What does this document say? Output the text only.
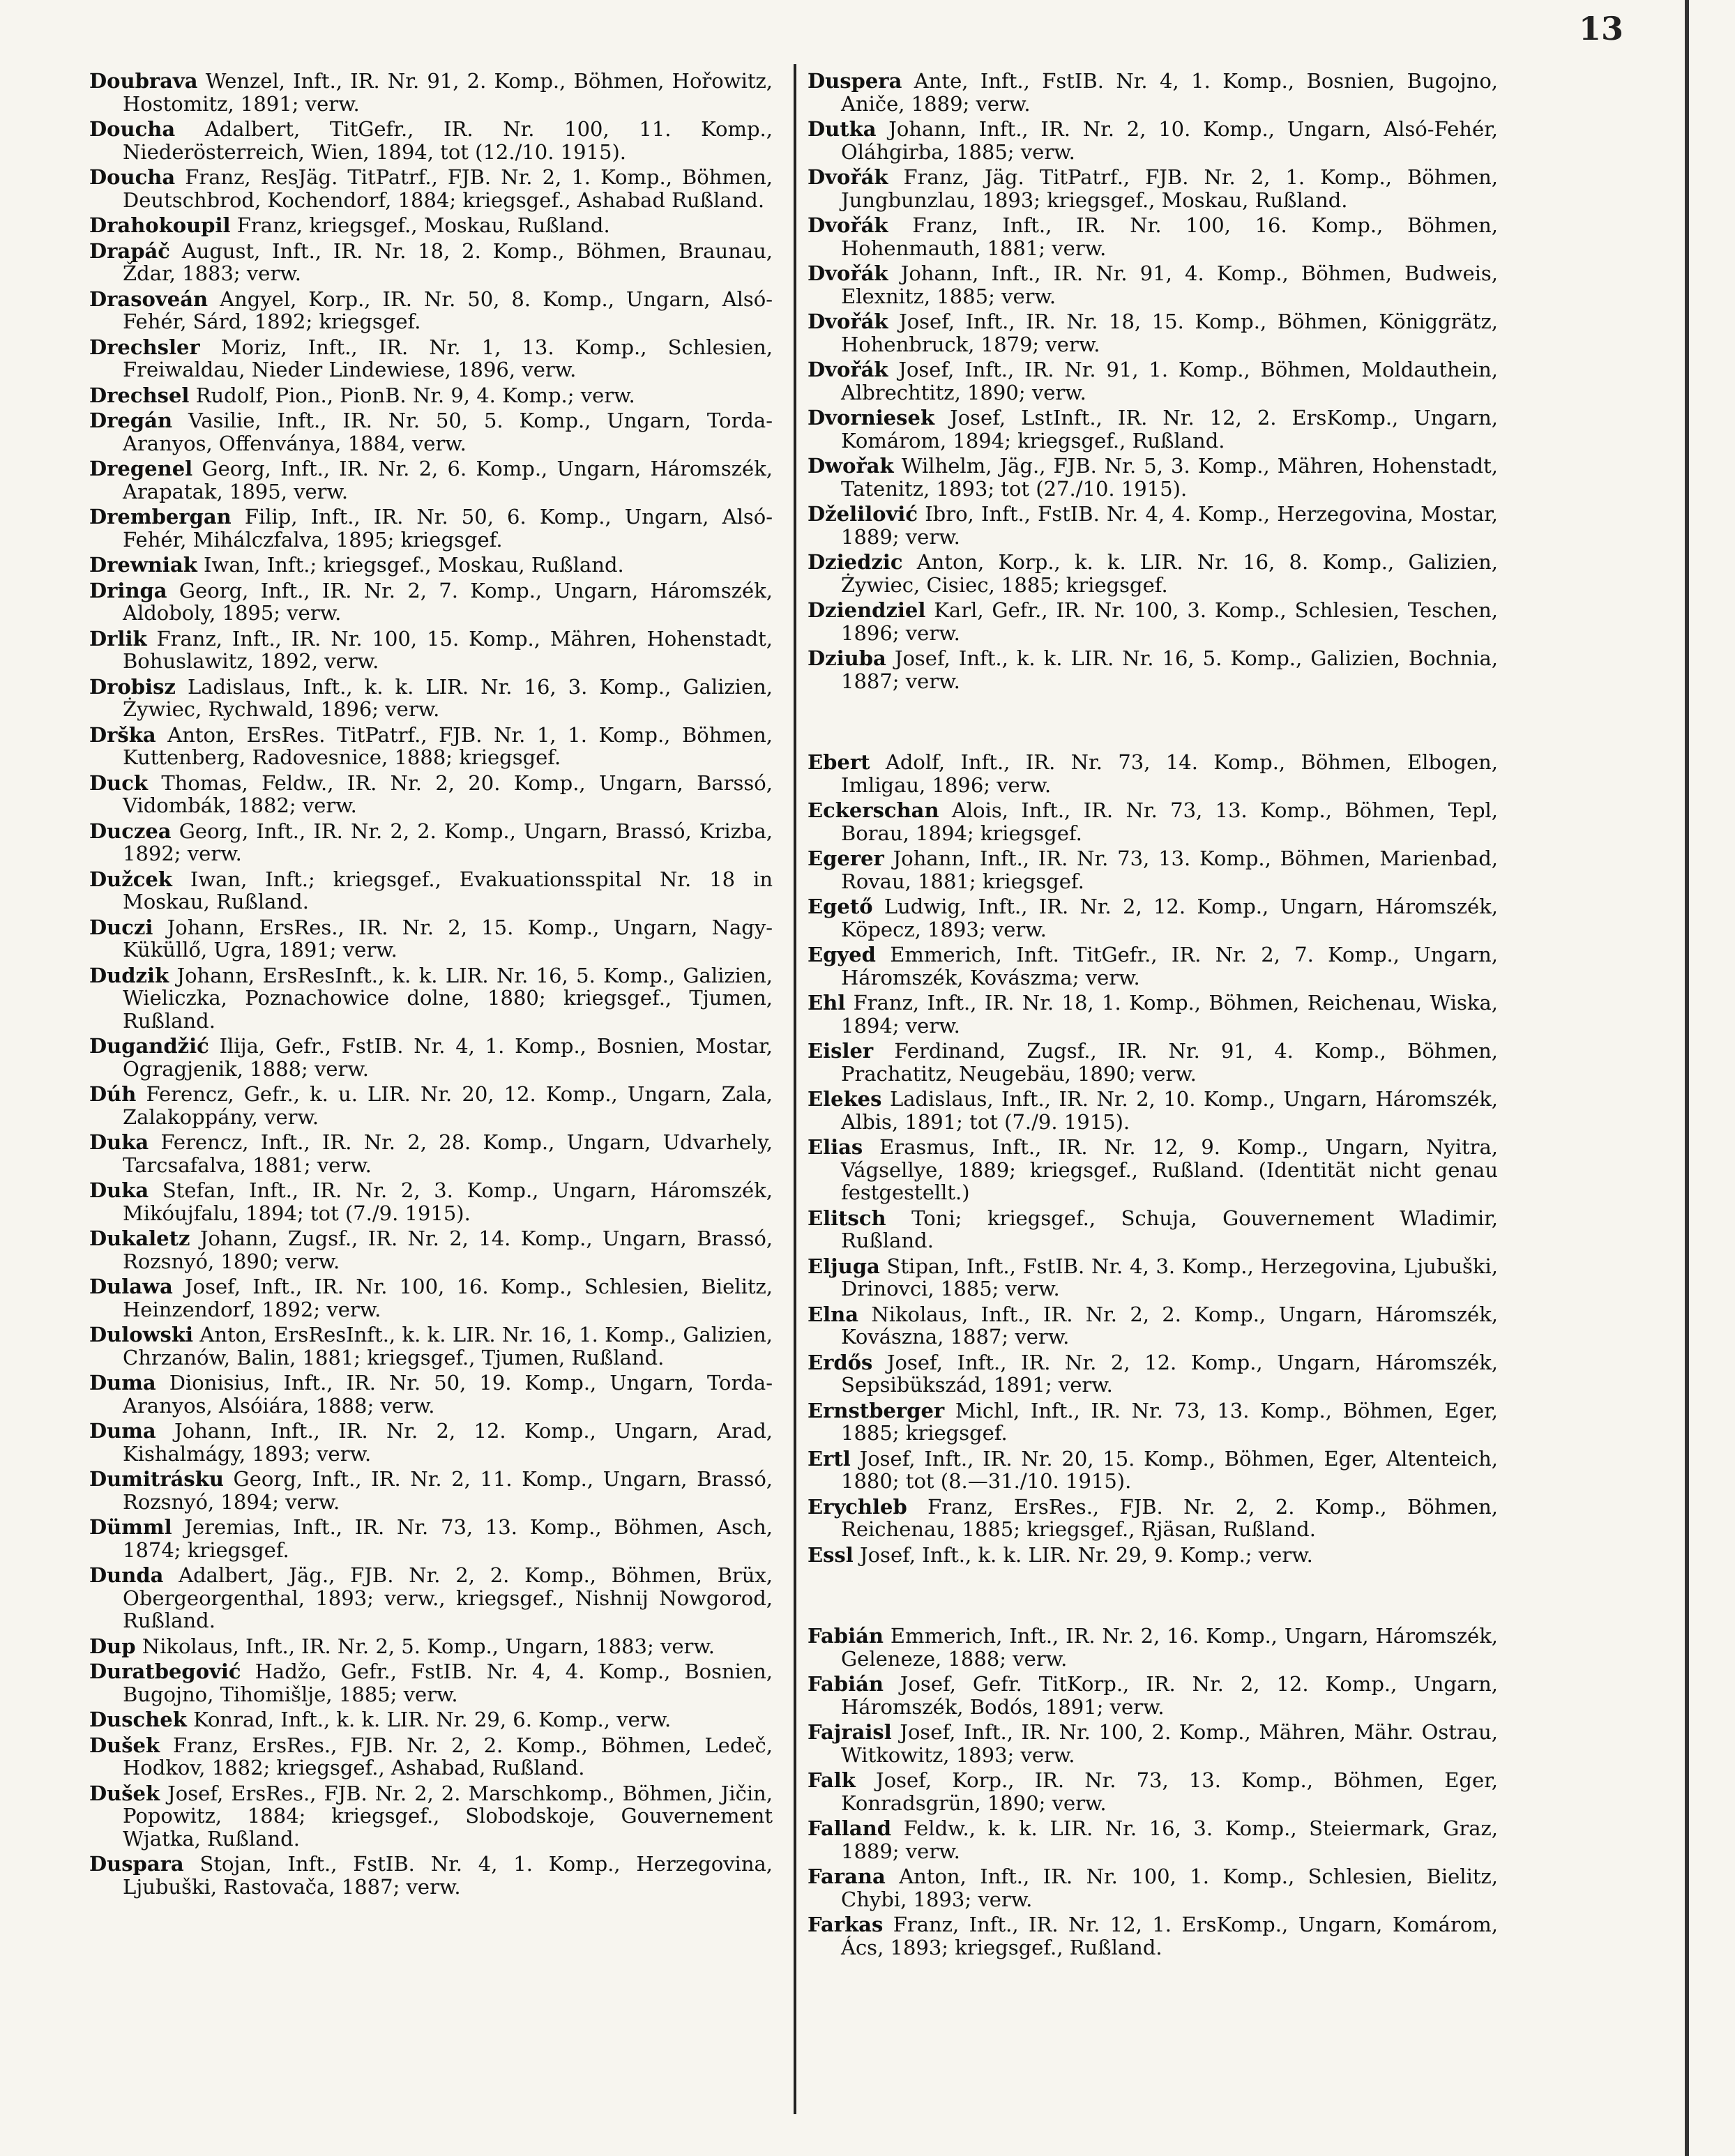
13
Doubrava Wenzel, Inft., IR. Nr. 91, 2. Komp., Böhmen, Hořowitz, Hostomitz, 1891; verw.
Doucha Adalbert, TitGefr., IR. Nr. 100, 11. Komp., Niederösterreich, Wien, 1894, tot (12./10. 1915).
Doucha Franz, ResJäg. TitPatrf., FJB. Nr. 2, 1. Komp., Böhmen, Deutschbrod, Kochendorf, 1884; kriegsgef., Ashabad Rußland.
Drahokoupil Franz, kriegsgef., Moskau, Rußland.
Drapáč August, Inft., IR. Nr. 18, 2. Komp., Böhmen, Braunau, Ždar, 1883; verw.
Drasoveán Angyel, Korp., IR. Nr. 50, 8. Komp., Ungarn, Alsó-Fehér, Sárd, 1892; kriegsgef.
Drechsler Moriz, Inft., IR. Nr. 1, 13. Komp., Schlesien, Freiwaldau, Nieder Lindewiese, 1896, verw.
Drechsel Rudolf, Pion., PionB. Nr. 9, 4. Komp.; verw.
Dregán Vasilie, Inft., IR. Nr. 50, 5. Komp., Ungarn, Torda-Aranyos, Offenványa, 1884, verw.
Dregenel Georg, Inft., IR. Nr. 2, 6. Komp., Ungarn, Háromszék, Arapatak, 1895, verw.
Drembergan Filip, Inft., IR. Nr. 50, 6. Komp., Ungarn, Alsó-Fehér, Mihálczfalva, 1895; kriegsgef.
Drewniak Iwan, Inft.; kriegsgef., Moskau, Rußland.
Dringa Georg, Inft., IR. Nr. 2, 7. Komp., Ungarn, Háromszék, Aldoboly, 1895; verw.
Drlik Franz, Inft., IR. Nr. 100, 15. Komp., Mähren, Hohenstadt, Bohuslawitz, 1892, verw.
Drobisz Ladislaus, Inft., k. k. LIR. Nr. 16, 3. Komp., Galizien, Żywiec, Rychwald, 1896; verw.
Drška Anton, ErsRes. TitPatrf., FJB. Nr. 1, 1. Komp., Böhmen, Kuttenberg, Radovesnice, 1888; kriegsgef.
Duck Thomas, Feldw., IR. Nr. 2, 20. Komp., Ungarn, Barssó, Vidombák, 1882; verw.
Duczea Georg, Inft., IR. Nr. 2, 2. Komp., Ungarn, Brassó, Krizba, 1892; verw.
Dužcek Iwan, Inft.; kriegsgef., Evakuationsspital Nr. 18 in Moskau, Rußland.
Duczi Johann, ErsRes., IR. Nr. 2, 15. Komp., Ungarn, Nagy-Küküllő, Ugra, 1891; verw.
Dudzik Johann, ErsResInft., k. k. LIR. Nr. 16, 5. Komp., Galizien, Wieliczka, Poznachowice dolne, 1880; kriegsgef., Tjumen, Rußland.
Dugandžić Ilija, Gefr., FstIB. Nr. 4, 1. Komp., Bosnien, Mostar, Ogragjenik, 1888; verw.
Dúh Ferencz, Gefr., k. u. LIR. Nr. 20, 12. Komp., Ungarn, Zala, Zalakoppány, verw.
Duka Ferencz, Inft., IR. Nr. 2, 28. Komp., Ungarn, Udvarhely, Tarcsafalva, 1881; verw.
Duka Stefan, Inft., IR. Nr. 2, 3. Komp., Ungarn, Háromszék, Mikóujfalu, 1894; tot (7./9. 1915).
Dukaletz Johann, Zugsf., IR. Nr. 2, 14. Komp., Ungarn, Brassó, Rozsnyó, 1890; verw.
Dulawa Josef, Inft., IR. Nr. 100, 16. Komp., Schlesien, Bielitz, Heinzendorf, 1892; verw.
Dulowski Anton, ErsResInft., k. k. LIR. Nr. 16, 1. Komp., Galizien, Chrzanów, Balin, 1881; kriegsgef., Tjumen, Rußland.
Duma Dionisius, Inft., IR. Nr. 50, 19. Komp., Ungarn, Torda-Aranyos, Alsóiára, 1888; verw.
Duma Johann, Inft., IR. Nr. 2, 12. Komp., Ungarn, Arad, Kishalmágy, 1893; verw.
Dumitrásku Georg, Inft., IR. Nr. 2, 11. Komp., Ungarn, Brassó, Rozsnyó, 1894; verw.
Dümml Jeremias, Inft., IR. Nr. 73, 13. Komp., Böhmen, Asch, 1874; kriegsgef.
Dunda Adalbert, Jäg., FJB. Nr. 2, 2. Komp., Böhmen, Brüx, Obergeorgenthal, 1893; verw., kriegsgef., Nishnij Nowgorod, Rußland.
Dup Nikolaus, Inft., IR. Nr. 2, 5. Komp., Ungarn, 1883; verw.
Duratbegović Hadžo, Gefr., FstIB. Nr. 4, 4. Komp., Bosnien, Bugojno, Tihomišlje, 1885; verw.
Duschek Konrad, Inft., k. k. LIR. Nr. 29, 6. Komp., verw.
Dušek Franz, ErsRes., FJB. Nr. 2, 2. Komp., Böhmen, Ledeč, Hodkov, 1882; kriegsgef., Ashabad, Rußland.
Dušek Josef, ErsRes., FJB. Nr. 2, 2. Marschkomp., Böhmen, Jičin, Popowitz, 1884; kriegsgef., Slobodskoje, Gouvernement Wjatka, Rußland.
Duspara Stojan, Inft., FstIB. Nr. 4, 1. Komp., Herzegovina, Ljubuški, Rastovača, 1887; verw.
Duspera Ante, Inft., FstIB. Nr. 4, 1. Komp., Bosnien, Bugojno, Aniče, 1889; verw.
Dutka Johann, Inft., IR. Nr. 2, 10. Komp., Ungarn, Alsó-Fehér, Oláhgirba, 1885; verw.
Dvořák Franz, Jäg. TitPatrf., FJB. Nr. 2, 1. Komp., Böhmen, Jungbunzlau, 1893; kriegsgef., Moskau, Rußland.
Dvořák Franz, Inft., IR. Nr. 100, 16. Komp., Böhmen, Hohenmauth, 1881; verw.
Dvořák Johann, Inft., IR. Nr. 91, 4. Komp., Böhmen, Budweis, Elexnitz, 1885; verw.
Dvořák Josef, Inft., IR. Nr. 18, 15. Komp., Böhmen, Königgrätz, Hohenbruck, 1879; verw.
Dvořák Josef, Inft., IR. Nr. 91, 1. Komp., Böhmen, Moldauthein, Albrechtitz, 1890; verw.
Dvorniesek Josef, LstInft., IR. Nr. 12, 2. ErsKomp., Ungarn, Komárom, 1894; kriegsgef., Rußland.
Dwořak Wilhelm, Jäg., FJB. Nr. 5, 3. Komp., Mähren, Hohenstadt, Tatenitz, 1893; tot (27./10. 1915).
Dželilović Ibro, Inft., FstIB. Nr. 4, 4. Komp., Herzegovina, Mostar, 1889; verw.
Dziedzic Anton, Korp., k. k. LIR. Nr. 16, 8. Komp., Galizien, Żywiec, Cisiec, 1885; kriegsgef.
Dziendziel Karl, Gefr., IR. Nr. 100, 3. Komp., Schlesien, Teschen, 1896; verw.
Dziuba Josef, Inft., k. k. LIR. Nr. 16, 5. Komp., Galizien, Bochnia, 1887; verw.
Ebert Adolf, Inft., IR. Nr. 73, 14. Komp., Böhmen, Elbogen, Imligau, 1896; verw.
Eckerschan Alois, Inft., IR. Nr. 73, 13. Komp., Böhmen, Tepl, Borau, 1894; kriegsgef.
Egerer Johann, Inft., IR. Nr. 73, 13. Komp., Böhmen, Marienbad, Rovau, 1881; kriegsgef.
Egető Ludwig, Inft., IR. Nr. 2, 12. Komp., Ungarn, Háromszék, Köpecz, 1893; verw.
Egyed Emmerich, Inft. TitGefr., IR. Nr. 2, 7. Komp., Ungarn, Háromszék, Kovászma; verw.
Ehl Franz, Inft., IR. Nr. 18, 1. Komp., Böhmen, Reichenau, Wiska, 1894; verw.
Eisler Ferdinand, Zugsf., IR. Nr. 91, 4. Komp., Böhmen, Prachatitz, Neugebäu, 1890; verw.
Elekes Ladislaus, Inft., IR. Nr. 2, 10. Komp., Ungarn, Háromszék, Albis, 1891; tot (7./9. 1915).
Elias Erasmus, Inft., IR. Nr. 12, 9. Komp., Ungarn, Nyitra, Vágsellye, 1889; kriegsgef., Rußland. (Identität nicht genau festgestellt.)
Elitsch Toni; kriegsgef., Schuja, Gouvernement Wladimir, Rußland.
Eljuga Stipan, Inft., FstIB. Nr. 4, 3. Komp., Herzegovina, Ljubuški, Drinovci, 1885; verw.
Elna Nikolaus, Inft., IR. Nr. 2, 2. Komp., Ungarn, Háromszék, Kovászna, 1887; verw.
Erdős Josef, Inft., IR. Nr. 2, 12. Komp., Ungarn, Háromszék, Sepsibükszád, 1891; verw.
Ernstberger Michl, Inft., IR. Nr. 73, 13. Komp., Böhmen, Eger, 1885; kriegsgef.
Ertl Josef, Inft., IR. Nr. 20, 15. Komp., Böhmen, Eger, Altenteich, 1880; tot (8.—31./10. 1915).
Erychleb Franz, ErsRes., FJB. Nr. 2, 2. Komp., Böhmen, Reichenau, 1885; kriegsgef., Rjäsan, Rußland.
Essl Josef, Inft., k. k. LIR. Nr. 29, 9. Komp.; verw.
Fabián Emmerich, Inft., IR. Nr. 2, 16. Komp., Ungarn, Háromszék, Geleneze, 1888; verw.
Fabián Josef, Gefr. TitKorp., IR. Nr. 2, 12. Komp., Ungarn, Háromszék, Bodós, 1891; verw.
Fajraisl Josef, Inft., IR. Nr. 100, 2. Komp., Mähren, Mähr. Ostrau, Witkowitz, 1893; verw.
Falk Josef, Korp., IR. Nr. 73, 13. Komp., Böhmen, Eger, Konradsgrün, 1890; verw.
Falland Feldw., k. k. LIR. Nr. 16, 3. Komp., Steiermark, Graz, 1889; verw.
Farana Anton, Inft., IR. Nr. 100, 1. Komp., Schlesien, Bielitz, Chybi, 1893; verw.
Farkas Franz, Inft., IR. Nr. 12, 1. ErsKomp., Ungarn, Komárom, Ács, 1893; kriegsgef., Rußland.
